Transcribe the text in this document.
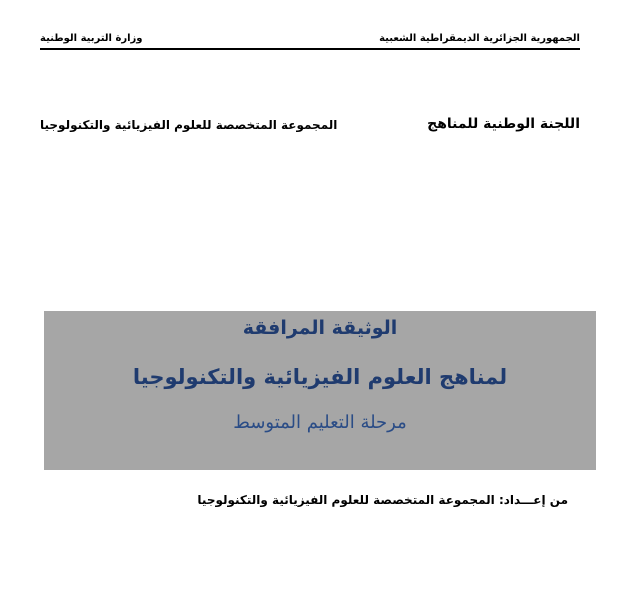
وزارة التربية الوطنية	الجمهورية الجزائرية الديمقراطية الشعبية
اللجنة الوطنية للمناهج
المجموعة المتخصصة للعلوم الفيزيائية والتكنولوجيا
الوثيقة المرافقة
لمناهج العلوم الفيزيائية والتكنولوجيا
مرحلة التعليم المتوسط
من إعـــداد: المجموعة المتخصصة للعلوم الفيزيائية والتكنولوجيا
